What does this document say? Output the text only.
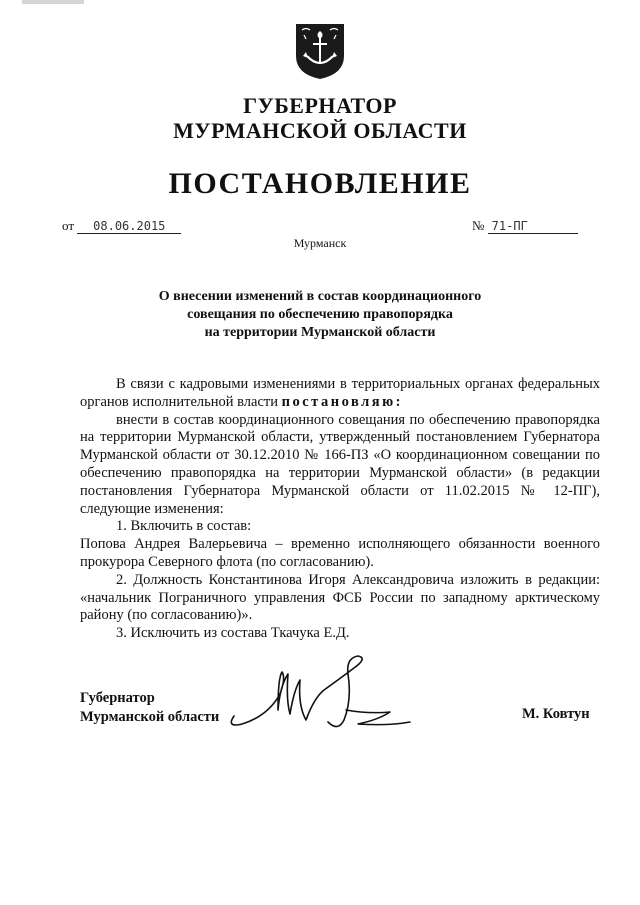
ГУБЕРНАТОР
МУРМАНСКОЙ ОБЛАСТИ
ПОСТАНОВЛЕНИЕ
от 08.06.2015	№ 71-ПГ
Мурманск
О внесении изменений в состав координационного
совещания по обеспечению правопорядка
на территории Мурманской области

В связи с кадровыми изменениями в территориальных органах федеральных органов исполнительной власти постановляю:

внести в состав координационного совещания по обеспечению правопорядка на территории Мурманской области, утвержденный постановлением Губернатора Мурманской области от 30.12.2010 № 166-ПЗ «О координационном совещании по обеспечению правопорядка на территории Мурманской области» (в редакции постановления Губернатора Мурманской области от 11.02.2015 № 12-ПГ), следующие изменения:

1. Включить в состав:

Попова Андрея Валерьевича – временно исполняющего обязанности военного прокурора Северного флота (по согласованию).

2. Должность Константинова Игоря Александровича изложить в редакции: «начальник Пограничного управления ФСБ России по западному арктическому району (по согласованию)».

3. Исключить из состава Ткачука Е.Д.

Губернатор
Мурманской области	М. Ковтун
